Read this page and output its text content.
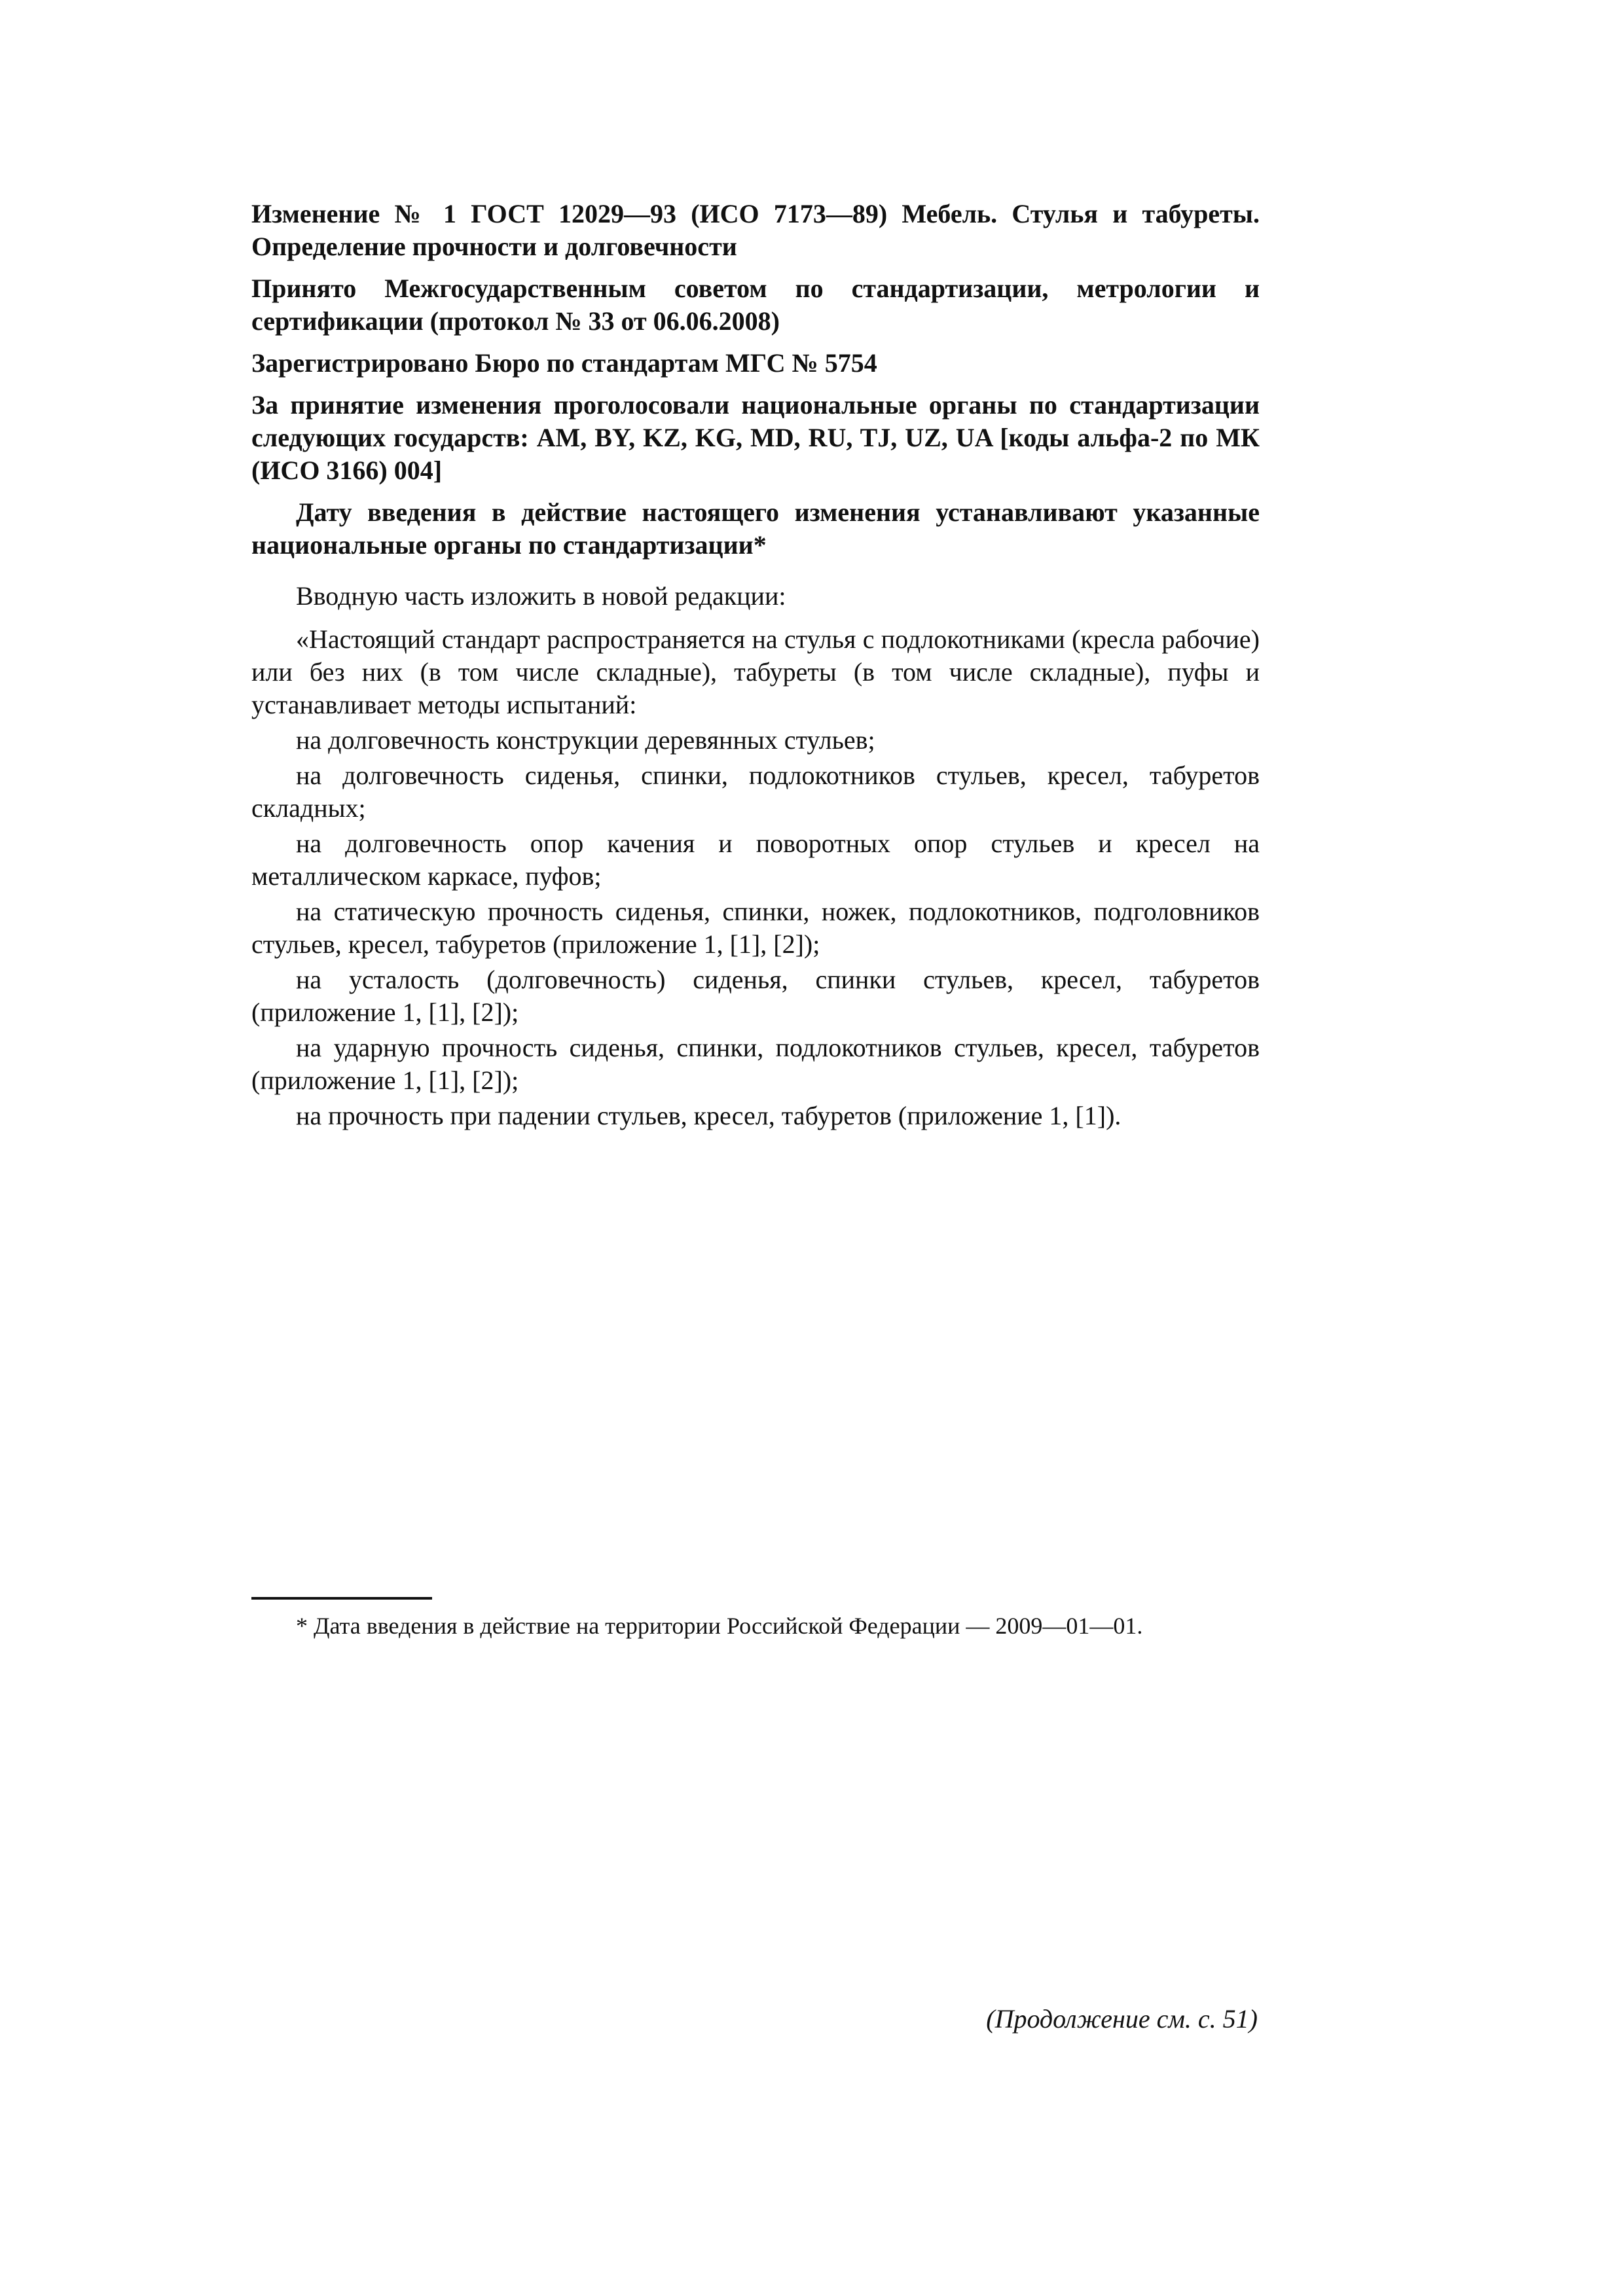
Изменение № 1 ГОСТ 12029—93 (ИСО 7173—89) Мебель. Стулья и табуреты. Определение прочности и долговечности

Принято Межгосударственным советом по стандартизации, метрологии и сертификации (протокол № 33 от 06.06.2008)

Зарегистрировано Бюро по стандартам МГС № 5754

За принятие изменения проголосовали национальные органы по стандартизации следующих государств: AM, BY, KZ, KG, MD, RU, TJ, UZ, UA [коды альфа-2 по МК (ИСО 3166) 004]

Дату введения в действие настоящего изменения устанавливают указанные национальные органы по стандартизации*

Вводную часть изложить в новой редакции:

«Настоящий стандарт распространяется на стулья с подлокотниками (кресла рабочие) или без них (в том числе складные), табуреты (в том числе складные), пуфы и устанавливает методы испытаний:

на долговечность конструкции деревянных стульев;

на долговечность сиденья, спинки, подлокотников стульев, кресел, табуретов складных;

на долговечность опор качения и поворотных опор стульев и кресел на металлическом каркасе, пуфов;

на статическую прочность сиденья, спинки, ножек, подлокотников, подголовников стульев, кресел, табуретов (приложение 1, [1], [2]);

на усталость (долговечность) сиденья, спинки стульев, кресел, табуретов (приложение 1, [1], [2]);

на ударную прочность сиденья, спинки, подлокотников стульев, кресел, табуретов (приложение 1, [1], [2]);

на прочность при падении стульев, кресел, табуретов (приложение 1, [1]).

* Дата введения в действие на территории Российской Федерации — 2009—01—01.

(Продолжение см. с. 51)
